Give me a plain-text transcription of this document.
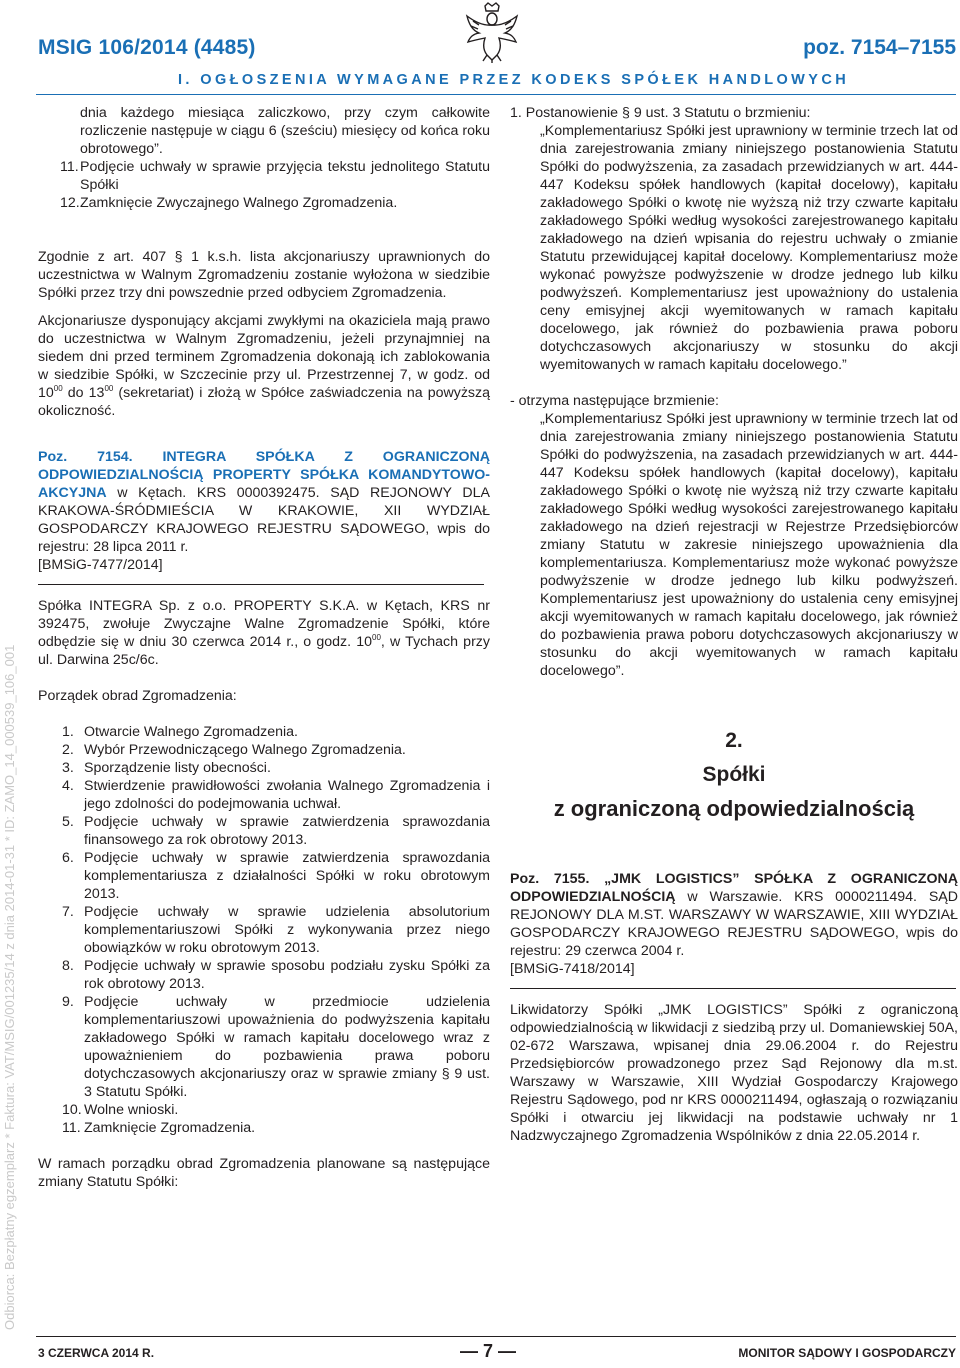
MSIG 106/2014 (4485)	poz. 7154–7155
I. OGŁOSZENIA WYMAGANE PRZEZ KODEKS SPÓŁEK HANDLOWYCH
Odbiorca: Bezpłatny egzemplarz * Faktura: VAT/MSIG/001235/14 z dnia 2014-01-31 * ID: ZAMO_14_000539_106_001

dnia każdego miesiąca zaliczkowo, przy czym całkowite rozliczenie następuje w ciągu 6 (sześciu) miesięcy od końca roku obrotowego”.

11. Podjęcie uchwały w sprawie przyjęcia tekstu jednolitego Statutu Spółki
12. Zamknięcie Zwyczajnego Walnego Zgromadzenia.

Zgodnie z art. 407 § 1 k.s.h. lista akcjonariuszy uprawnionych do uczestnictwa w Walnym Zgromadzeniu zostanie wyłożona w siedzibie Spółki przez trzy dni powszednie przed odbyciem Zgromadzenia.

Akcjonariusze dysponujący akcjami zwykłymi na okaziciela mają prawo do uczestnictwa w Walnym Zgromadzeniu, jeżeli przynajmniej na siedem dni przed terminem Zgromadzenia dokonają ich zablokowania w siedzibie Spółki, w Szczecinie przy ul. Przestrzennej 7, w godz. od $10^{00}$ do $13^{00}$ (sekretariat) i złożą w Spółce zaświadczenia na powyższą okoliczność.

Poz. 7154. INTEGRA SPÓŁKA Z OGRANICZONĄ ODPOWIEDZIALNOŚCIĄ PROPERTY SPÓŁKA KOMANDYTOWO-AKCYJNA w Kętach. KRS 0000392475. SĄD REJONOWY DLA KRAKOWA-ŚRÓDMIEŚCIA W KRAKOWIE, XII WYDZIAŁ GOSPODARCZY KRAJOWEGO REJESTRU SĄDOWEGO, wpis do rejestru: 28 lipca 2011 r.

[BMSiG-7477/2014]

Spółka INTEGRA Sp. z o.o. PROPERTY S.K.A. w Kętach, KRS nr 392475, zwołuje Zwyczajne Walne Zgromadzenie Spółki, które odbędzie się w dniu 30 czerwca 2014 r., o godz. $10^{00}$, w Tychach przy ul. Darwina 25c/6c.

Porządek obrad Zgromadzenia:

1. Otwarcie Walnego Zgromadzenia.
2. Wybór Przewodniczącego Walnego Zgromadzenia.
3. Sporządzenie listy obecności.
4. Stwierdzenie prawidłowości zwołania Walnego Zgromadzenia i jego zdolności do podejmowania uchwał.
5. Podjęcie uchwały w sprawie zatwierdzenia sprawozdania finansowego za rok obrotowy 2013.
6. Podjęcie uchwały w sprawie zatwierdzenia sprawozdania komplementariusza z działalności Spółki w roku obrotowym 2013.
7. Podjęcie uchwały w sprawie udzielenia absolutorium komplementariuszowi Spółki z wykonywania przez niego obowiązków w roku obrotowym 2013.
8. Podjęcie uchwały w sprawie sposobu podziału zysku Spółki za rok obrotowy 2013.
9. Podjęcie uchwały w przedmiocie udzielenia komplementariuszowi upoważnienia do podwyższenia kapitału zakładowego Spółki w ramach kapitału docelowego wraz z upoważnieniem do pozbawienia prawa poboru dotychczasowych akcjonariuszy oraz w sprawie zmiany § 9 ust. 3 Statutu Spółki.
10. Wolne wnioski.
11. Zamknięcie Zgromadzenia.

W ramach porządku obrad Zgromadzenia planowane są następujące zmiany Statutu Spółki:

1. Postanowienie § 9 ust. 3 Statutu o brzmieniu:

„Komplementariusz Spółki jest uprawniony w terminie trzech lat od dnia zarejestrowania zmiany niniejszego postanowienia Statutu Spółki do podwyższenia, za zasadach przewidzianych w art. 444-447 Kodeksu spółek handlowych (kapitał docelowy), kapitału zakładowego Spółki o kwotę nie wyższą niż trzy czwarte kapitału zakładowego Spółki według wysokości zarejestrowanego kapitału zakładowego na dzień wpisania do rejestru uchwały o zmianie Statutu przewidującej kapitał docelowy. Komplementariusz może wykonać powyższe podwyższenie w drodze jednego lub kilku podwyższeń. Komplementariusz jest upoważniony do ustalenia ceny emisyjnej akcji wyemitowanych w ramach kapitału docelowego, jak również do pozbawienia prawa poboru dotychczasowych akcjonariuszy w stosunku do akcji wyemitowanych w ramach kapitału docelowego.”

- otrzyma następujące brzmienie:

„Komplementariusz Spółki jest uprawniony w terminie trzech lat od dnia zarejestrowania zmiany niniejszego postanowienia Statutu Spółki do podwyższenia, na zasadach przewidzianych w art. 444-447 Kodeksu spółek handlowych (kapitał docelowy), kapitału zakładowego Spółki o kwotę nie wyższą niż trzy czwarte kapitału zakładowego Spółki według wysokości zarejestrowanego kapitału zakładowego na dzień rejestracji w Rejestrze Przedsiębiorców zmiany Statutu w zakresie niniejszego upoważnienia dla komplementariusza. Komplementariusz może wykonać powyższe podwyższenie w drodze jednego lub kilku podwyższeń. Komplementariusz jest upoważniony do ustalenia ceny emisyjnej akcji wyemitowanych w ramach kapitału docelowego, jak również do pozbawienia prawa poboru dotychczasowych akcjonariuszy w stosunku do akcji wyemitowanych w ramach kapitału docelowego”.

2.
Spółki
z ograniczoną odpowiedzialnością

Poz. 7155. „JMK LOGISTICS” SPÓŁKA Z OGRANICZONĄ ODPOWIEDZIALNOŚCIĄ w Warszawie. KRS 0000211494. SĄD REJONOWY DLA M.ST. WARSZAWY W WARSZAWIE, XIII WYDZIAŁ GOSPODARCZY KRAJOWEGO REJESTRU SĄDOWEGO, wpis do rejestru: 29 czerwca 2004 r.

[BMSiG-7418/2014]

Likwidatorzy Spółki „JMK LOGISTICS” Spółki z ograniczoną odpowiedzialnością w likwidacji z siedzibą przy ul. Domaniewskiej 50A, 02-672 Warszawa, wpisanej dnia 29.06.2004 r. do Rejestru Przedsiębiorców prowadzonego przez Sąd Rejonowy dla m.st. Warszawy w Warszawie, XIII Wydział Gospodarczy Krajowego Rejestru Sądowego, pod nr KRS 0000211494, ogłaszają o rozwiązaniu Spółki i otwarciu jej likwidacji na podstawie uchwały nr 1 Nadzwyczajnego Zgromadzenia Wspólników z dnia 22.05.2014 r.

3 CZERWCA 2014 R.	— 7 —	MONITOR SĄDOWY I GOSPODARCZY
